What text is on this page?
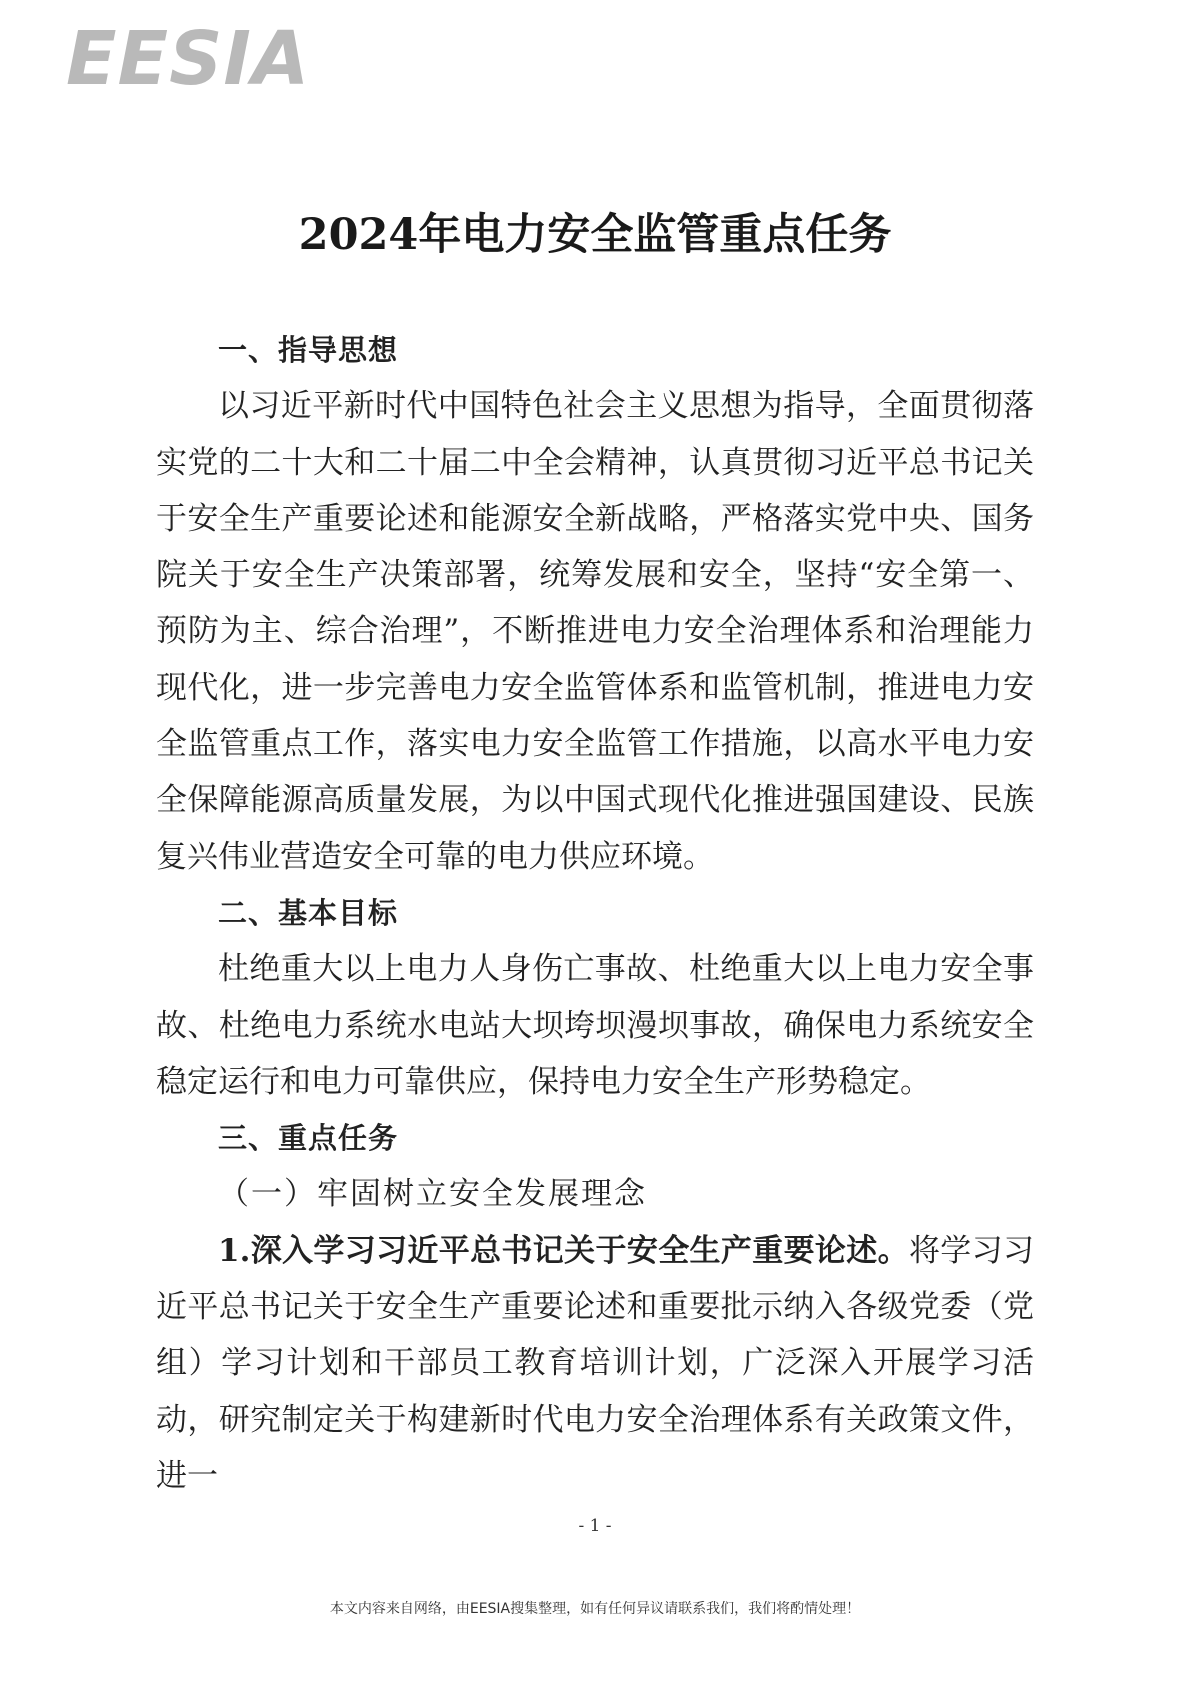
EESIA
2024年电力安全监管重点任务

一、指导思想

以习近平新时代中国特色社会主义思想为指导，全面贯彻落实党的二十大和二十届二中全会精神，认真贯彻习近平总书记关于安全生产重要论述和能源安全新战略，严格落实党中央、国务院关于安全生产决策部署，统筹发展和安全，坚持“安全第一、预防为主、综合治理”，不断推进电力安全治理体系和治理能力现代化，进一步完善电力安全监管体系和监管机制，推进电力安全监管重点工作，落实电力安全监管工作措施，以高水平电力安全保障能源高质量发展，为以中国式现代化推进强国建设、民族复兴伟业营造安全可靠的电力供应环境。

二、基本目标

杜绝重大以上电力人身伤亡事故、杜绝重大以上电力安全事故、杜绝电力系统水电站大坝垮坝漫坝事故，确保电力系统安全稳定运行和电力可靠供应，保持电力安全生产形势稳定。

三、重点任务

（一）牢固树立安全发展理念

1.深入学习习近平总书记关于安全生产重要论述。将学习习近平总书记关于安全生产重要论述和重要批示纳入各级党委（党组）学习计划和干部员工教育培训计划，广泛深入开展学习活动，研究制定关于构建新时代电力安全治理体系有关政策文件，进一

- 1 -
本文内容来自网络，由EESIA搜集整理，如有任何异议请联系我们，我们将酌情处理！
